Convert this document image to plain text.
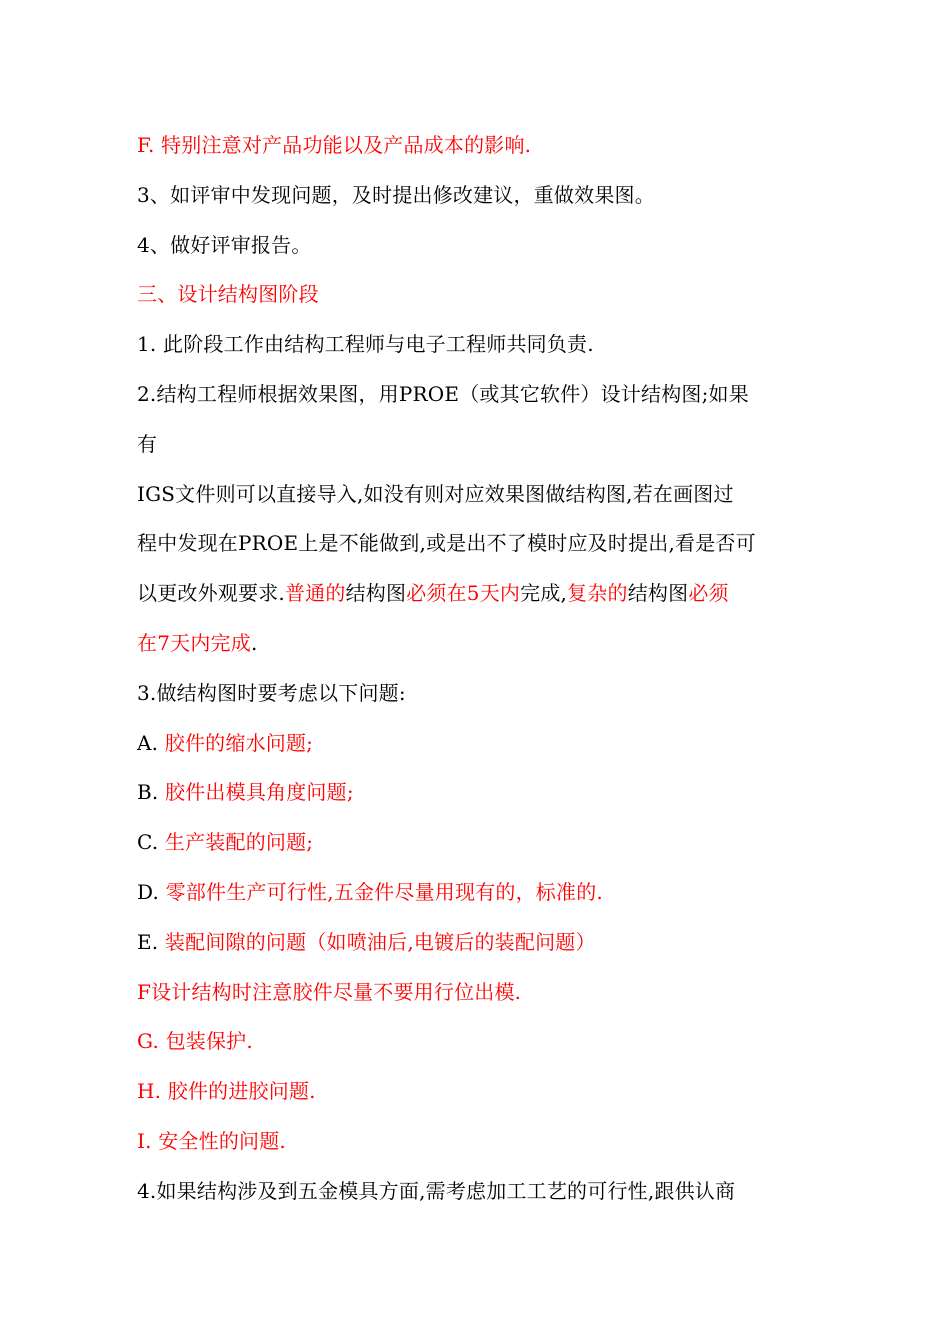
F. 特别注意对产品功能以及产品成本的影响.
3、如评审中发现问题，及时提出修改建议，重做效果图。
4、做好评审报告。
三、设计结构图阶段
1. 此阶段工作由结构工程师与电子工程师共同负责.
2.结构工程师根据效果图，用PROE（或其它软件）设计结构图;如果
有
IGS文件则可以直接导入,如没有则对应效果图做结构图,若在画图过
程中发现在PROE上是不能做到,或是出不了模时应及时提出,看是否可
以更改外观要求.普通的结构图必须在5天内完成,复杂的结构图必须
在7天内完成.
3.做结构图时要考虑以下问题:
A. 胶件的缩水问题;
B. 胶件出模具角度问题;
C. 生产装配的问题;
D. 零部件生产可行性,五金件尽量用现有的，标准的.
E. 装配间隙的问题（如喷油后,电镀后的装配问题）
F设计结构时注意胶件尽量不要用行位出模.
G. 包装保护.
H. 胶件的进胶问题.
I. 安全性的问题.
4.如果结构涉及到五金模具方面,需考虑加工工艺的可行性,跟供认商
